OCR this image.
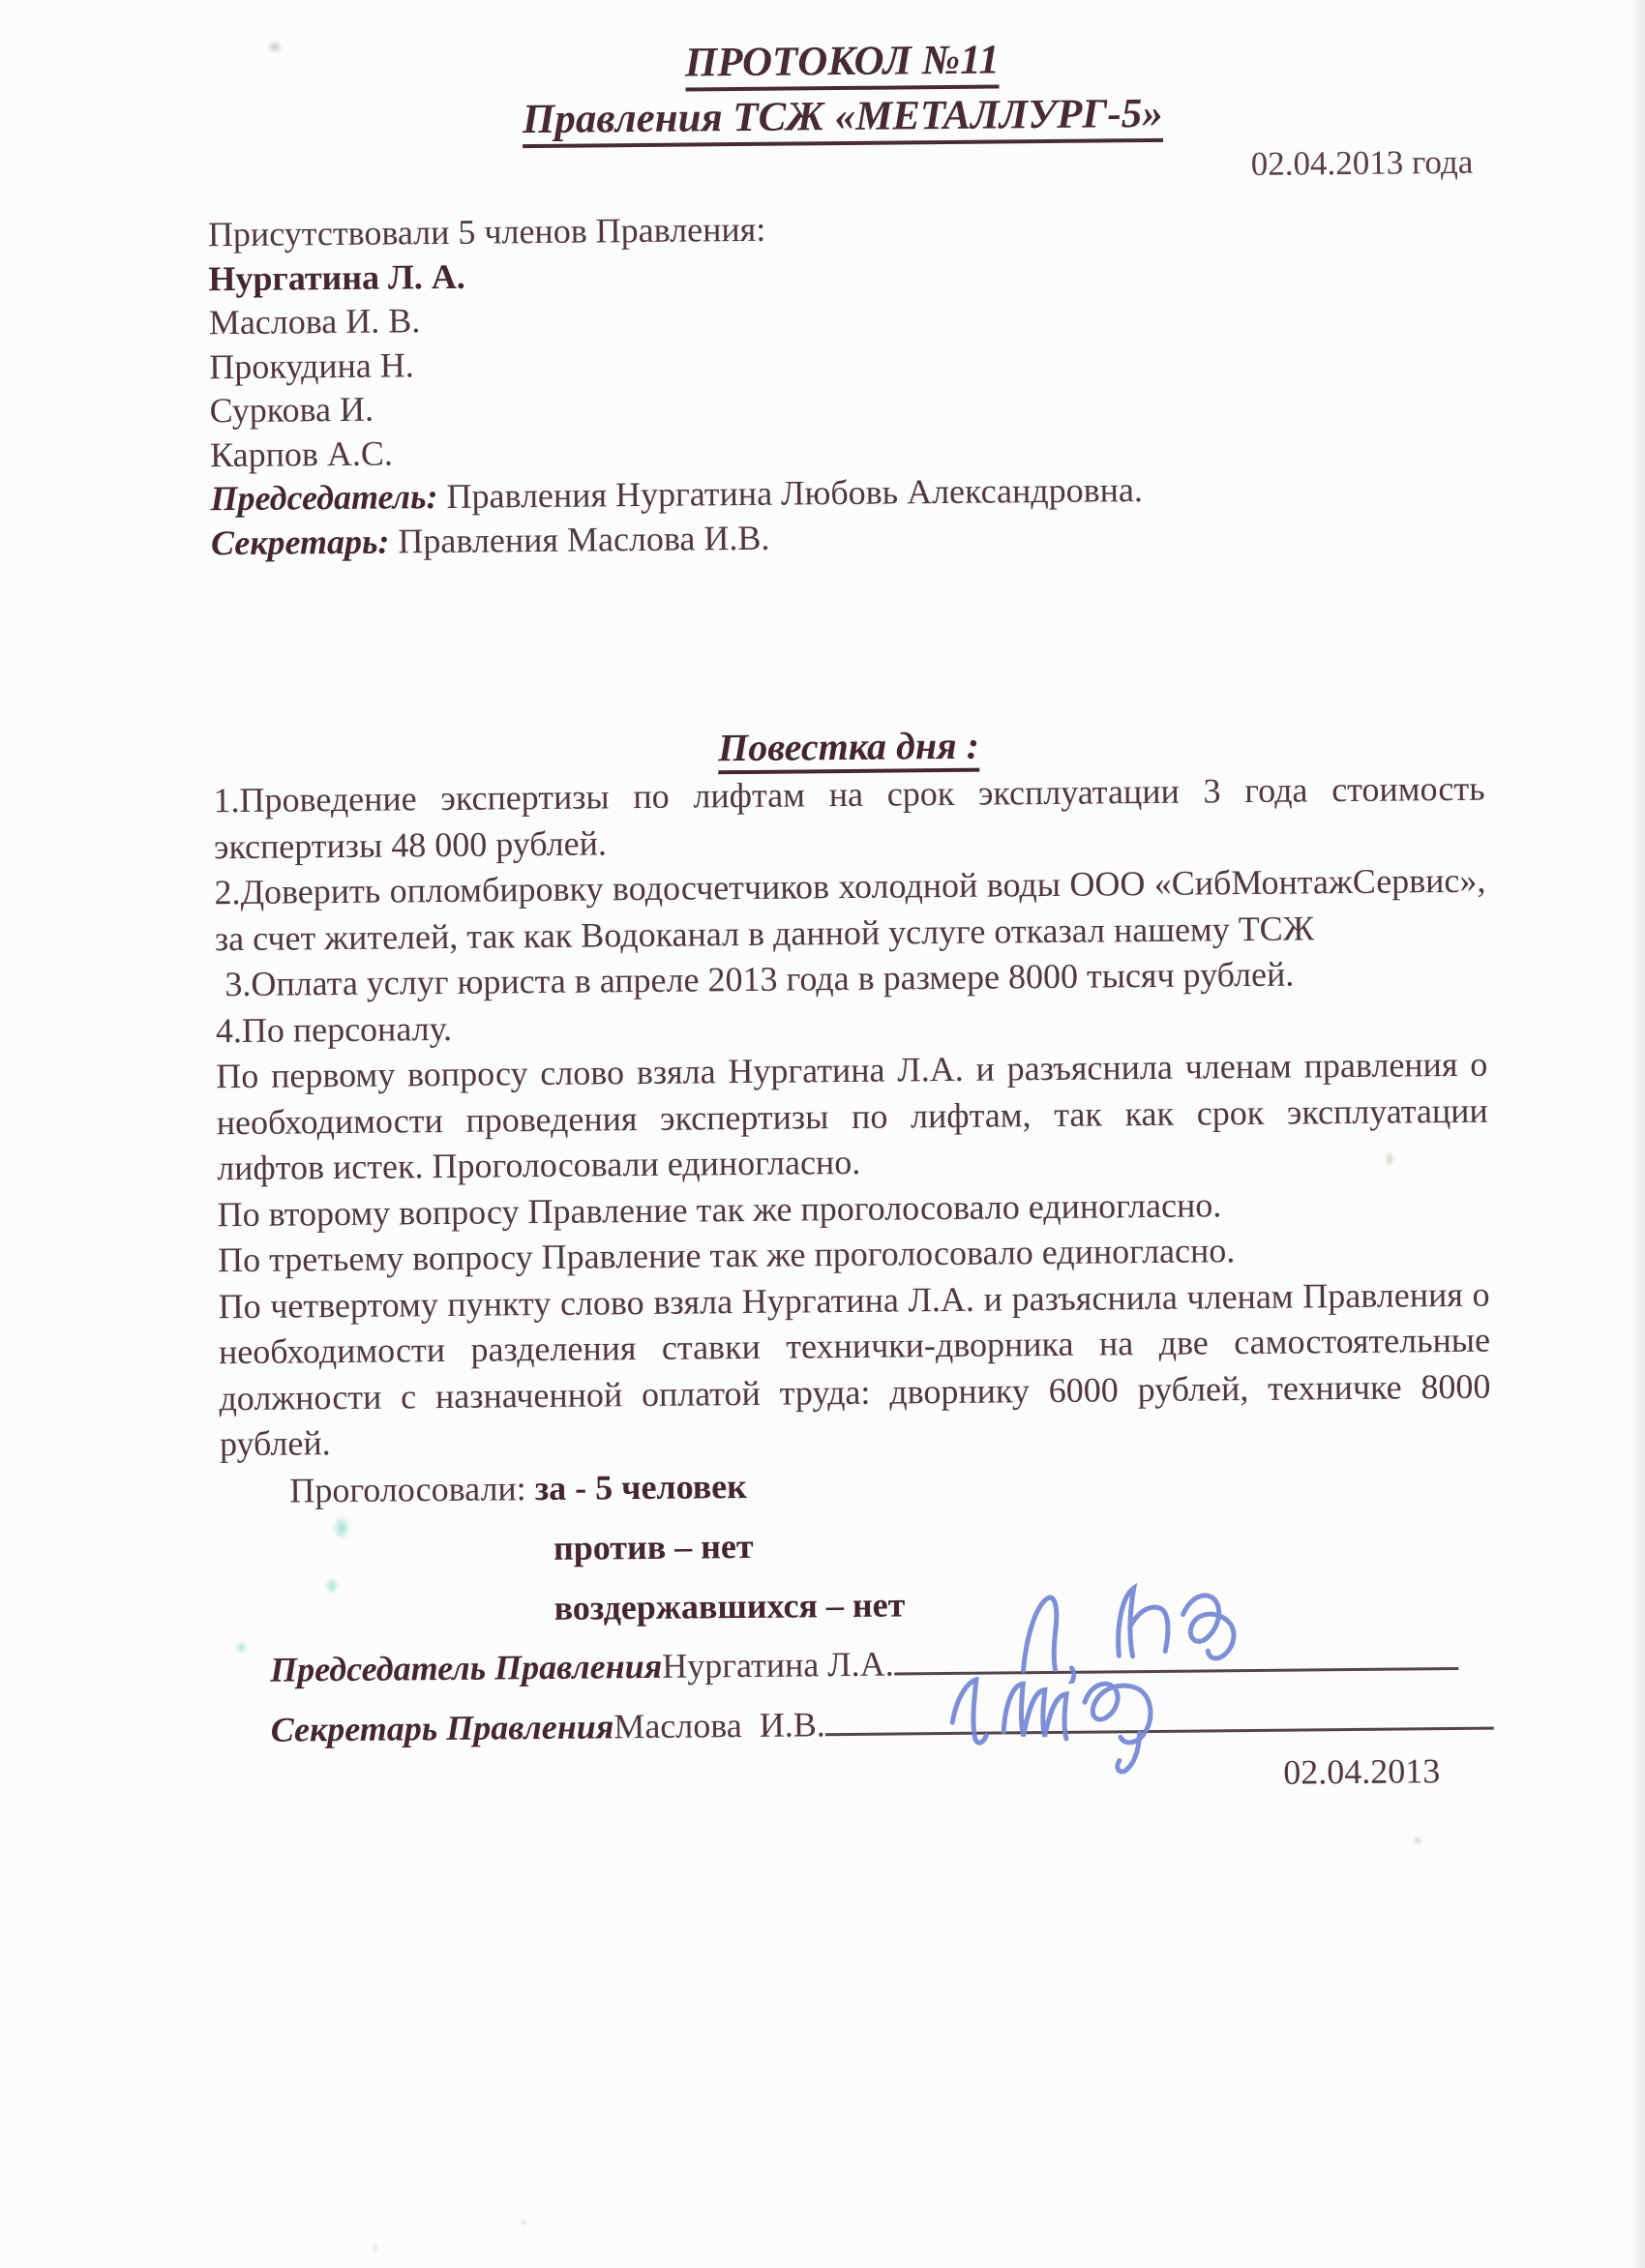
ПРОТОКОЛ №11
Правления ТСЖ «МЕТАЛЛУРГ-5»
02.04.2013 года
Присутствовали 5 членов Правления:
Нургатина Л. А.
Маслова И. В.
Прокудина Н.
Суркова И.
Карпов А.С.
Председатель: Правления Нургатина Любовь Александровна.
Секретарь: Правления Маслова И.В.
Повестка дня :

1.Проведение экспертизы по лифтам на срок эксплуатации 3 года стоимость экспертизы 48 000 рублей.

2.Доверить опломбировку водосчетчиков холодной воды ООО «СибМонтажСервис», за счет жителей, так как Водоканал в данной услуге отказал нашему ТСЖ

3.Оплата услуг юриста в апреле 2013 года в размере 8000 тысяч рублей.

4.По персоналу.

По первому вопросу слово взяла Нургатина Л.А. и разъяснила членам правления о необходимости проведения экспертизы по лифтам, так как срок эксплуатации лифтов истек. Проголосовали единогласно.

По второму вопросу Правление так же проголосовало единогласно.

По третьему вопросу Правление так же проголосовало единогласно.

По четвертому пункту слово взяла Нургатина Л.А. и разъяснила членам Правления о необходимости разделения ставки технички-дворника на две самостоятельные должности с назначенной оплатой труда: дворнику 6000 рублей, техничке 8000 рублей.

Проголосовали: за - 5 человек
против – нет
воздержавшихся – нет
Председатель Правления Нургатина Л.А.
Секретарь Правления Маслова  И.В.
02.04.2013
